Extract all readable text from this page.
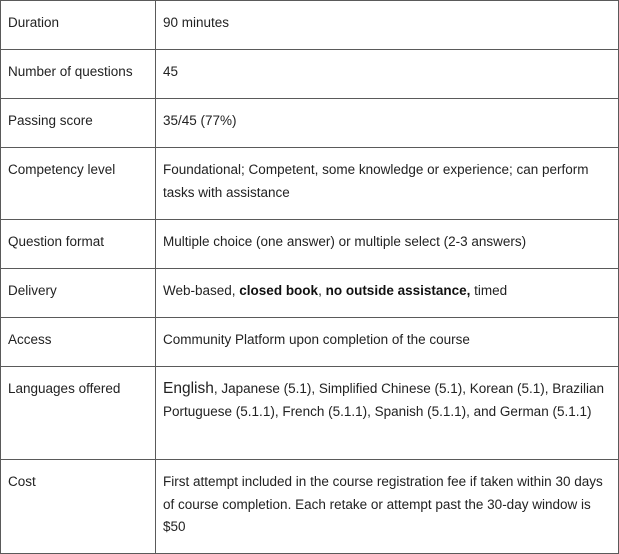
Duration	90 minutes
Number of questions	45
Passing score	35/45 (77%)
Competency level	Foundational; Competent, some knowledge or experience; can perform tasks with assistance
Question format	Multiple choice (one answer) or multiple select (2-3 answers)
Delivery	Web-based, closed book, no outside assistance, timed
Access	Community Platform upon completion of the course
Languages offered	English, Japanese (5.1), Simplified Chinese (5.1), Korean (5.1), Brazilian Portuguese (5.1.1), French (5.1.1), Spanish (5.1.1), and German (5.1.1)
Cost	First attempt included in the course registration fee if taken within 30 days of course completion. Each retake or attempt past the 30-day window is $50
